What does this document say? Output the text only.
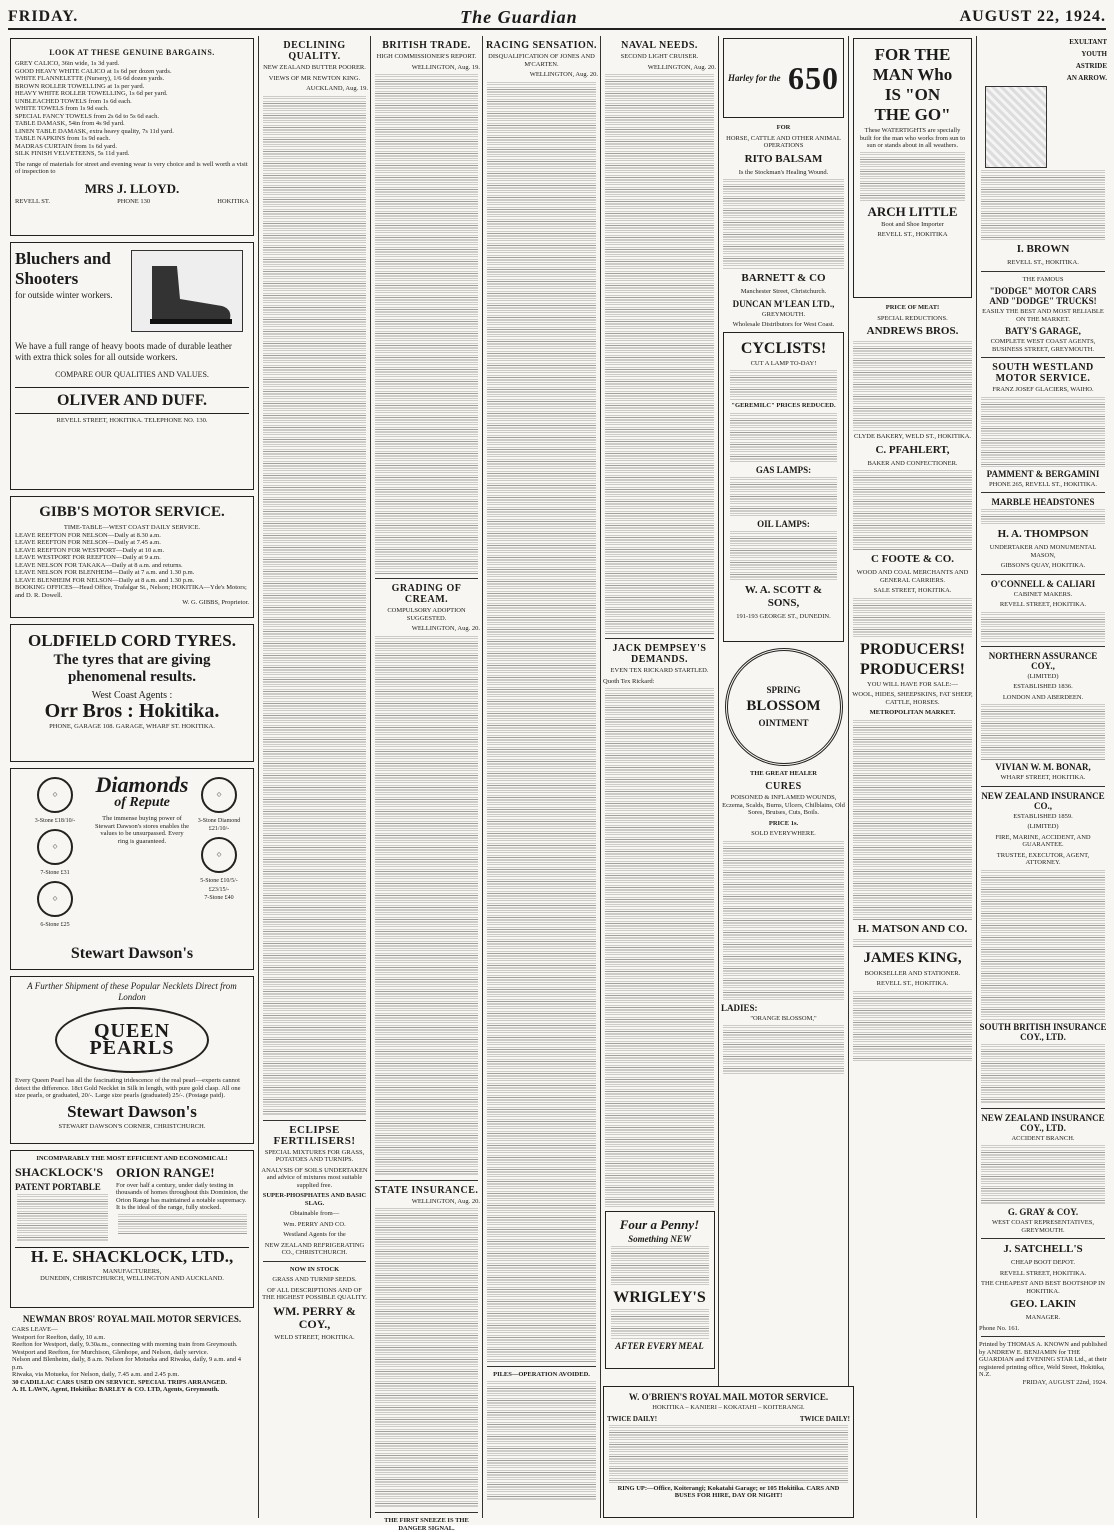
FRIDAY.	The Guardian	AUGUST 22, 1924.
LOOK AT THESE GENUINE BARGAINS.
GREY CALICO, 36in wide, 1s 3d yard.
GOOD HEAVY WHITE CALICO at 1s 6d per dozen yards.
WHITE FLANNELETTE (Nursery), 1/6 6d dozen yards.
BROWN ROLLER TOWELLING at 1s per yard.
HEAVY WHITE ROLLER TOWELLING, 1s 6d per yard.
UNBLEACHED TOWELS from 1s 6d each.
WHITE TOWELS from 1s 9d each.
SPECIAL FANCY TOWELS from 2s 6d to 5s 6d each.
TABLE DAMASK, 54in from 4s 9d yard.
LINEN TABLE DAMASK, extra heavy quality, 7s 11d yard.
TABLE NAPKINS from 1s 9d each.
MADRAS CURTAIN from 1s 6d yard.
SILK FINISH VELVETEENS, 5s 11d yard.
The range of materials for street and evening wear is very choice and is well worth a visit of inspection to
MRS J. LLOYD.
REVELL ST.	PHONE 130	HOKITIKA
Bluchers and
Shooters
for outside winter workers.
We have a full range of heavy boots made of durable leather with extra thick soles for all outside workers.
COMPARE OUR QUALITIES AND VALUES.
OLIVER AND DUFF.
REVELL STREET, HOKITIKA. TELEPHONE NO. 130.
GIBB'S MOTOR SERVICE.
TIME-TABLE—WEST COAST DAILY SERVICE.
LEAVE REEFTON FOR NELSON—Daily at 8.30 a.m.
LEAVE REEFTON FOR NELSON—Daily at 7.45 a.m.
LEAVE REEFTON FOR WESTPORT—Daily at 10 a.m.
LEAVE WESTPORT FOR REEFTON—Daily at 9 a.m.
LEAVE NELSON FOR TAKAKA—Daily at 8 a.m. and returns.
LEAVE NELSON FOR BLENHEIM—Daily at 7 a.m. and 1.30 p.m.
LEAVE BLENHEIM FOR NELSON—Daily at 8 a.m. and 1.30 p.m.
BOOKING OFFICES—Head Office, Trafalgar St., Nelson; HOKITIKA—Yde's Motors; and D. R. Dowell.
W. G. GIBBS, Proprietor.
OLDFIELD CORD TYRES.
The tyres that are giving phenomenal results.
West Coast Agents :
Orr Bros : Hokitika.
PHONE, GARAGE 108. GARAGE, WHARF ST. HOKITIKA.
◇
3-Stone £18/10/-
◇
7-Stone £31
◇
6-Stone £25
Diamonds
of Repute
The immense buying power of Stewart Dawson's stores enables the values to be unsurpassed. Every ring is guaranteed.
◇
3-Stone Diamond £21/10/-
◇
5-Stone £10/5/-
£23/15/-
7-Stone £40
Stewart Dawson's
A Further Shipment of these Popular Necklets Direct from London
QUEEN PEARLS
Every Queen Pearl has all the fascinating iridescence of the real pearl—experts cannot detect the difference. 18ct Gold Necklet in Silk in length, with pure gold clasp. All one size pearls, or graduated, 20/-. Large size pearls (graduated) 25/-. (Postage paid).
Stewart Dawson's
STEWART DAWSON'S CORNER, CHRISTCHURCH.
INCOMPARABLY THE MOST EFFICIENT AND ECONOMICAL!
SHACKLOCK'S
PATENT PORTABLE
ORION RANGE!
For over half a century, under daily testing in thousands of homes throughout this Dominion, the Orion Range has maintained a notable supremacy. It is the ideal of the range, fully stocked.
H. E. SHACKLOCK, LTD.,
MANUFACTURERS,
DUNEDIN, CHRISTCHURCH, WELLINGTON AND AUCKLAND.
NEWMAN BROS' ROYAL MAIL MOTOR SERVICES.
CARS LEAVE—
Westport for Reefton, daily, 10 a.m.
Reefton for Westport, daily, 9.30a.m., connecting with morning train from Greymouth.
Westport and Reefton, for Murchison, Glenhope, and Nelson, daily service.
Nelson and Blenheim, daily, 8 a.m. Nelson for Motueka and Riwaka, daily, 9 a.m. and 4 p.m.
Riwaka, via Motueka, for Nelson, daily, 7.45 a.m. and 2.45 p.m.
30 CADILLAC CARS USED ON SERVICE. SPECIAL TRIPS ARRANGED.
A. H. LAWN, Agent, Hokitika: BARLEY & CO. LTD, Agents, Greymouth.
DECLINING QUALITY.
NEW ZEALAND BUTTER POORER.
VIEWS OF MR NEWTON KING.
AUCKLAND, Aug. 19.
ECLIPSE FERTILISERS!
SPECIAL MIXTURES FOR GRASS, POTATOES AND TURNIPS.
ANALYSIS OF SOILS UNDERTAKEN and advice of mixtures most suitable supplied free.
SUPER-PHOSPHATES AND BASIC SLAG.
Obtainable from—
Wm. PERRY AND CO.
Westland Agents for the
NEW ZEALAND REFRIGERATING CO., CHRISTCHURCH.
NOW IN STOCK
GRASS AND TURNIP SEEDS.
OF ALL DESCRIPTIONS AND OF THE HIGHEST POSSIBLE QUALITY.
WM. PERRY & COY.,
WELD STREET, HOKITIKA.
BRITISH TRADE.
HIGH COMMISSIONER'S REPORT.
WELLINGTON, Aug. 19.
GRADING OF CREAM.
COMPULSORY ADOPTION SUGGESTED.
WELLINGTON, Aug. 20.
STATE INSURANCE.
WELLINGTON, Aug. 20.
THE FIRST SNEEZE IS THE DANGER SIGNAL.
RACING SENSATION.
DISQUALIFICATION OF JONES AND M'CARTEN.
WELLINGTON, Aug. 20.
PILES—OPERATION AVOIDED.
NAVAL NEEDS.
SECOND LIGHT CRUISER.
WELLINGTON, Aug. 20.
JACK DEMPSEY'S DEMANDS.
EVEN TEX RICKARD STARTLED.
Quoth Tex Rickard:
Four a Penny!
Something NEW
WRIGLEY'S
AFTER EVERY MEAL
Harley for the 650
FOR
HORSE, CATTLE AND OTHER ANIMAL OPERATIONS
RITO BALSAM
Is the Stockman's Healing Wound.
BARNETT & CO
Manchester Street, Christchurch.
DUNCAN M'LEAN LTD.,
GREYMOUTH.
Wholesale Distributors for West Coast.
CYCLISTS!
CUT A LAMP TO-DAY!
"GEREMILC" PRICES REDUCED.
GAS LAMPS:
OIL LAMPS:
W. A. SCOTT & SONS,
191-193 GEORGE ST., DUNEDIN.
SPRING
BLOSSOM
OINTMENT
THE GREAT HEALER
CURES
POISONED & INFLAMED WOUNDS, Eczema, Scalds, Burns, Ulcers, Chilblains, Old Sores, Bruises, Cuts, Boils.
PRICE 1s.
SOLD EVERYWHERE.
LADIES:
"ORANGE BLOSSOM,"
W. O'BRIEN'S ROYAL MAIL MOTOR SERVICE.
HOKITIKA – KANIERI – KOKATAHI – KOITERANGI.
TWICE DAILY!	TWICE DAILY!
RING UP:—Office, Koiterangi; Kokatahi Garage; or 105 Hokitika. CARS AND BUSES FOR HIRE, DAY OR NIGHT!
FOR THE
MAN Who
IS "ON
THE GO"
These WATERTIGHTS are specially built for the man who works from sun to sun or stands about in all weathers.
ARCH LITTLE
Boot and Shoe Importer
REVELL ST., HOKITIKA
PRICE OF MEAT!
SPECIAL REDUCTIONS.
ANDREWS BROS.
CLYDE BAKERY, WELD ST., HOKITIKA.
C. PFAHLERT,
BAKER AND CONFECTIONER.
C FOOTE & CO.
WOOD AND COAL MERCHANTS AND GENERAL CARRIERS.
SALE STREET, HOKITIKA.
PRODUCERS!
PRODUCERS!
YOU WILL HAVE FOR SALE:—
WOOL, HIDES, SHEEPSKINS, FAT SHEEP, CATTLE, HORSES.
METROPOLITAN MARKET.
H. MATSON AND CO.
JAMES KING,
BOOKSELLER AND STATIONER.
REVELL ST., HOKITIKA.
EXULTANT
YOUTH
ASTRIDE
AN ARROW.
I. BROWN
REVELL ST., HOKITIKA.
THE FAMOUS
"DODGE" MOTOR CARS AND "DODGE" TRUCKS!
EASILY THE BEST AND MOST RELIABLE ON THE MARKET.
BATY'S GARAGE,
COMPLETE WEST COAST AGENTS, BUSINESS STREET, GREYMOUTH.
SOUTH WESTLAND MOTOR SERVICE.
FRANZ JOSEF GLACIERS, WAIHO.
PAMMENT & BERGAMINI
PHONE 265, REVELL ST., HOKITIKA.
MARBLE HEADSTONES
H. A. THOMPSON
UNDERTAKER AND MONUMENTAL MASON,
GIBSON'S QUAY, HOKITIKA.
O'CONNELL & CALIARI
CABINET MAKERS.
REVELL STREET, HOKITIKA.
NORTHERN ASSURANCE COY.,
(LIMITED)
ESTABLISHED 1836.
LONDON AND ABERDEEN.
VIVIAN W. M. BONAR,
WHARF STREET, HOKITIKA.
NEW ZEALAND INSURANCE CO.,
ESTABLISHED 1859.
(LIMITED)
FIRE, MARINE, ACCIDENT, AND GUARANTEE.
TRUSTEE, EXECUTOR, AGENT, ATTORNEY.
SOUTH BRITISH INSURANCE COY., LTD.
NEW ZEALAND INSURANCE COY., LTD.
ACCIDENT BRANCH.
G. GRAY & COY.
WEST COAST REPRESENTATIVES, GREYMOUTH.
J. SATCHELL'S
CHEAP BOOT DEPOT.
REVELL STREET, HOKITIKA.
THE CHEAPEST AND BEST BOOTSHOP IN HOKITIKA.
GEO. LAKIN
MANAGER.
Phone No. 161.
Printed by THOMAS A. KNOWN and published by ANDREW E. BENJAMIN for THE GUARDIAN and EVENING STAR Ltd., at their registered printing office, Weld Street, Hokitika, N.Z.
FRIDAY, AUGUST 22nd, 1924.
